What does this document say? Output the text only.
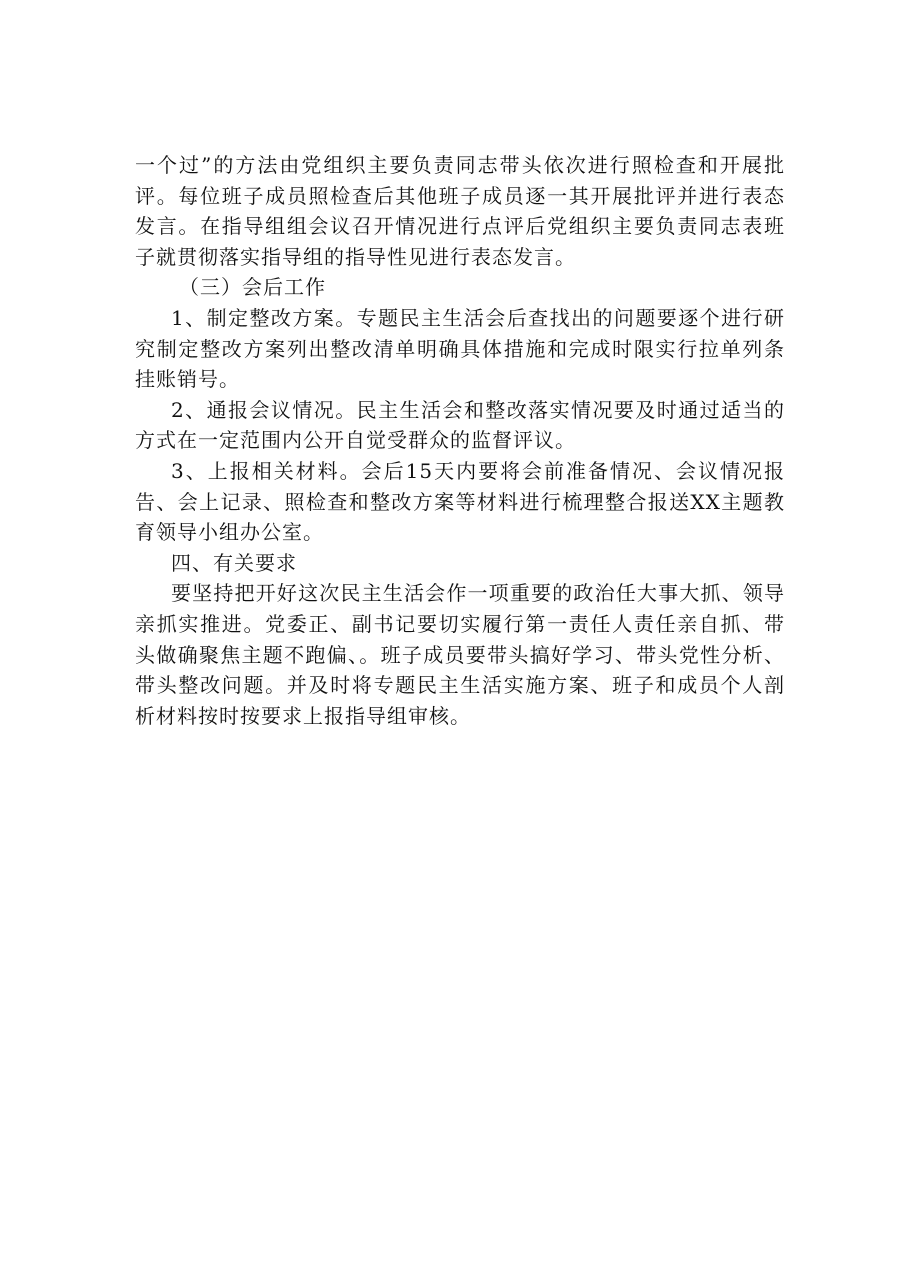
一个过”的方法由党组织主要负责同志带头依次进行照检查和开展批评。每位班子成员照检查后其他班子成员逐一其开展批评并进行表态发言。在指导组组会议召开情况进行点评后党组织主要负责同志表班子就贯彻落实指导组的指导性见进行表态发言。

（三）会后工作

1、制定整改方案。专题民主生活会后查找出的问题要逐个进行研究制定整改方案列出整改清单明确具体措施和完成时限实行拉单列条挂账销号。

2、通报会议情况。民主生活会和整改落实情况要及时通过适当的方式在一定范围内公开自觉受群众的监督评议。

3、上报相关材料。会后15天内要将会前准备情况、会议情况报告、会上记录、照检查和整改方案等材料进行梳理整合报送XX主题教育领导小组办公室。

四、有关要求

要坚持把开好这次民主生活会作一项重要的政治任大事大抓、领导亲抓实推进。党委正、副书记要切实履行第一责任人责任亲自抓、带头做确聚焦主题不跑偏、。班子成员要带头搞好学习、带头党性分析、带头整改问题。并及时将专题民主生活实施方案、班子和成员个人剖析材料按时按要求上报指导组审核。
